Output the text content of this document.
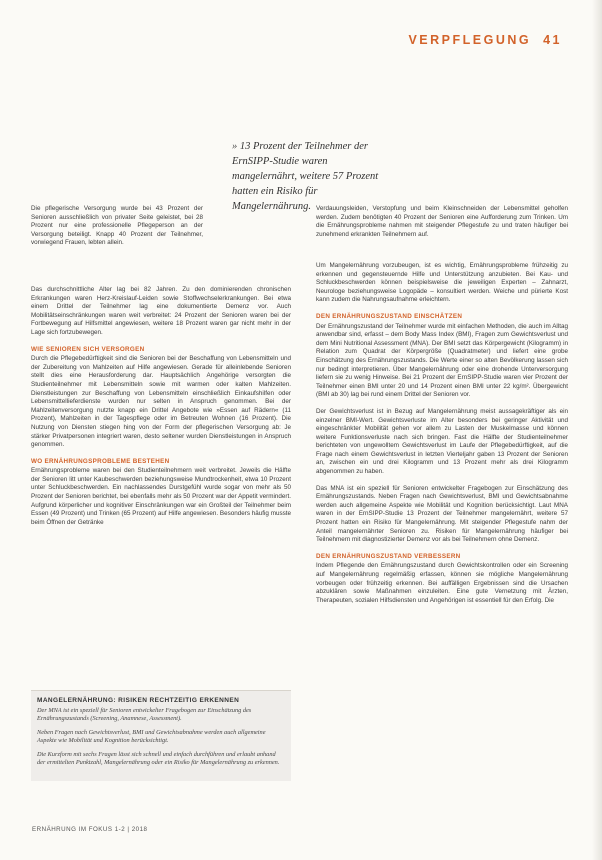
VERPFLEGUNG 41
» 13 Prozent der Teilnehmer der ErnSIPP-Studie waren mangelernährt, weitere 57 Prozent hatten ein Risiko für Mangelernährung.
Die pflegerische Versorgung wurde bei 43 Prozent der Senioren ausschließlich von privater Seite geleistet, bei 28 Prozent nur eine professionelle Pflegeperson an der Versorgung beteiligt. Knapp 40 Prozent der Teilnehmer, vorwiegend Frauen, lebten allein.
Verdauungsleiden, Verstopfung und beim Kleinschneiden der Lebensmittel geholfen werden. Zudem benötigten 40 Prozent der Senioren eine Aufforderung zum Trinken. Um die Ernährungsprobleme nahmen mit steigender Pflegestufe zu und traten häufiger bei zunehmend erkrankten Teilnehmern auf.

Das durchschnittliche Alter lag bei 82 Jahren. Zu den dominierenden chronischen Erkrankungen waren Herz-Kreislauf-Leiden sowie Stoffwechselerkrankungen. Bei etwa einem Drittel der Teilnehmer lag eine dokumentierte Demenz vor. Auch Mobilitätseinschränkungen waren weit verbreitet: 24 Prozent der Senioren waren bei der Fortbewegung auf Hilfsmittel angewiesen, weitere 18 Prozent waren gar nicht mehr in der Lage sich fortzubewegen.

WIE SENIOREN SICH VERSORGEN

Durch die Pflegebedürftigkeit sind die Senioren bei der Beschaffung von Lebensmitteln und der Zubereitung von Mahlzeiten auf Hilfe angewiesen. Gerade für alleinlebende Senioren stellt dies eine Herausforderung dar. Hauptsächlich Angehörige versorgten die Studienteilnehmer mit Lebensmitteln sowie mit warmen oder kalten Mahlzeiten. Dienstleistungen zur Beschaffung von Lebensmitteln einschließlich Einkaufshilfen oder Lebensmittellieferdienste wurden nur selten in Anspruch genommen. Bei der Mahlzeitenversorgung nutzte knapp ein Drittel Angebote wie »Essen auf Rädern« (11 Prozent), Mahlzeiten in der Tagespflege oder im Betreuten Wohnen (16 Prozent). Die Nutzung von Diensten stiegen hing von der Form der pflegerischen Versorgung ab: Je stärker Privatpersonen integriert waren, desto seltener wurden Dienstleistungen in Anspruch genommen.

WO ERNÄHRUNGSPROBLEME BESTEHEN

Ernährungsprobleme waren bei den Studienteilnehmern weit verbreitet. Jeweils die Hälfte der Senioren litt unter Kaubeschwerden beziehungsweise Mundtrockenheit, etwa 10 Prozent unter Schluckbeschwerden. Ein nachlassendes Durstgefühl wurde sogar von mehr als 50 Prozent der Senioren berichtet, bei ebenfalls mehr als 50 Prozent war der Appetit vermindert. Aufgrund körperlicher und kognitiver Einschränkungen war ein Großteil der Teilnehmer beim Essen (49 Prozent) und Trinken (65 Prozent) auf Hilfe angewiesen. Besonders häufig musste beim Öffnen der Getränke

MANGELERNÄHRUNG: RISIKEN RECHTZEITIG ERKENNEN

Der MNA ist ein speziell für Senioren entwickelter Fragebogen zur Einschätzung des Ernährungszustands (Screening, Anamnese, Assessment).

Neben Fragen nach Gewichtsverlust, BMI und Gewichtsabnahme werden auch allgemeine Aspekte wie Mobilität und Kognition berücksichtigt.

Die Kurzform mit sechs Fragen lässt sich schnell und einfach durchführen und erlaubt anhand der ermittelten Punktzahl, Mangelernährung oder ein Risiko für Mangelernährung zu erkennen.

Um Mangelernährung vorzubeugen, ist es wichtig, Ernährungsprobleme frühzeitig zu erkennen und gegensteuernde Hilfe und Unterstützung anzubieten. Bei Kau- und Schluckbeschwerden können beispielsweise die jeweiligen Experten – Zahnarzt, Neurologe beziehungsweise Logopäde – konsultiert werden. Weiche und pürierte Kost kann zudem die Nahrungsaufnahme erleichtern.

DEN ERNÄHRUNGSZUSTAND EINSCHÄTZEN

Der Ernährungszustand der Teilnehmer wurde mit einfachen Methoden, die auch im Alltag anwendbar sind, erfasst – dem Body Mass Index (BMI), Fragen zum Gewichtsverlust und dem Mini Nutritional Assessment (MNA). Der BMI setzt das Körpergewicht (Kilogramm) in Relation zum Quadrat der Körpergröße (Quadratmeter) und liefert eine grobe Einschätzung des Ernährungszustands. Die Werte einer so alten Bevölkerung lassen sich nur bedingt interpretieren. Über Mangelernährung oder eine drohende Unterversorgung liefern sie zu wenig Hinweise. Bei 21 Prozent der ErnSIPP-Studie waren vier Prozent der Teilnehmer einen BMI unter 20 und 14 Prozent einen BMI unter 22 kg/m². Übergewicht (BMI ab 30) lag bei rund einem Drittel der Senioren vor.

Der Gewichtsverlust ist in Bezug auf Mangelernährung meist aussagekräftiger als ein einzelner BMI-Wert. Gewichtsverluste im Alter besonders bei geringer Aktivität und eingeschränkter Mobilität gehen vor allem zu Lasten der Muskelmasse und können weitere Funktionsverluste nach sich bringen. Fast die Hälfte der Studienteilnehmer berichteten von ungewolltem Gewichtsverlust im Laufe der Pflegebedürftigkeit, auf die Frage nach einem Gewichtsverlust in letzten Vierteljahr gaben 13 Prozent der Senioren an, zwischen ein und drei Kilogramm und 13 Prozent mehr als drei Kilogramm abgenommen zu haben.

Das MNA ist ein speziell für Senioren entwickelter Fragebogen zur Einschätzung des Ernährungszustands. Neben Fragen nach Gewichtsverlust, BMI und Gewichtsabnahme werden auch allgemeine Aspekte wie Mobilität und Kognition berücksichtigt. Laut MNA waren in der ErnSIPP-Studie 13 Prozent der Teilnehmer mangelernährt, weitere 57 Prozent hatten ein Risiko für Mangelernährung. Mit steigender Pflegestufe nahm der Anteil mangelernährter Senioren zu. Risiken für Mangelernährung häufiger bei Teilnehmern mit diagnostizierter Demenz vor als bei Teilnehmern ohne Demenz.

DEN ERNÄHRUNGSZUSTAND VERBESSERN

Indem Pflegende den Ernährungszustand durch Gewichtskontrollen oder ein Screening auf Mangelernährung regelmäßig erfassen, können sie mögliche Mangelernährung vorbeugen oder frühzeitig erkennen. Bei auffälligen Ergebnissen sind die Ursachen abzuklären sowie Maßnahmen einzuleiten. Eine gute Vernetzung mit Ärzten, Therapeuten, sozialen Hilfsdiensten und Angehörigen ist essentiell für den Erfolg. Die

ERNÄHRUNG IM FOKUS 1-2 | 2018
